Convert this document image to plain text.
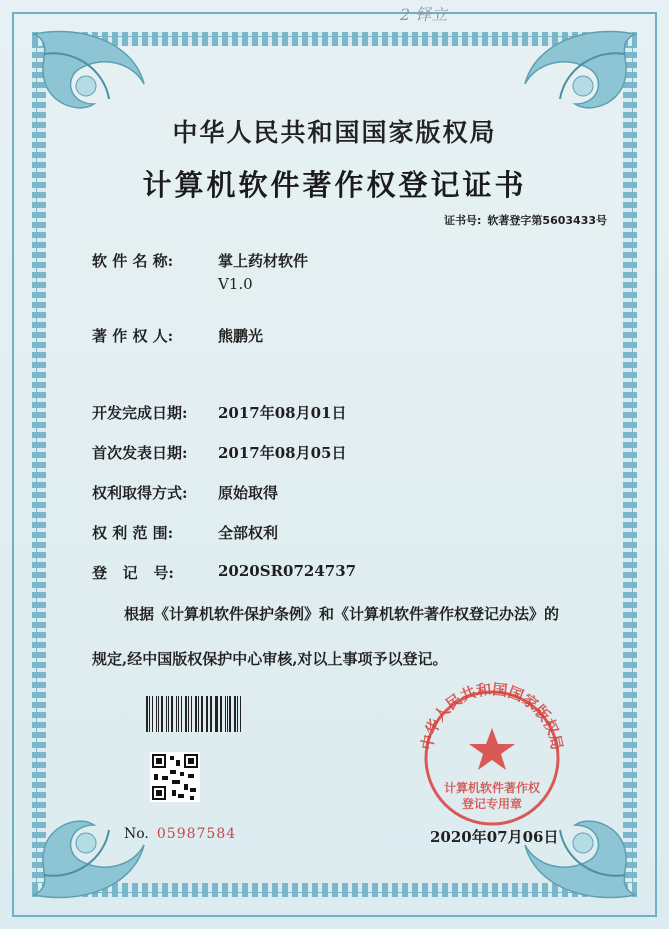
2 铎立
中华人民共和国国家版权局
计算机软件著作权登记证书
证书号: 软著登字第5603433号
软 件 名 称:	掌上药材软件
V1.0
著 作 权 人:	熊鹏光
开发完成日期:	2017年08月01日
首次发表日期:	2017年08月05日
权利取得方式:	原始取得
权 利 范 围:	全部权利
登   记   号:	2020SR0724737
根据《计算机软件保护条例》和《计算机软件著作权登记办法》的
规定,经中国版权保护中心审核,对以上事项予以登记。
No. 05987584
中华人民共和国国家版权局
计算机软件著作权
登记专用章
2020年07月06日
